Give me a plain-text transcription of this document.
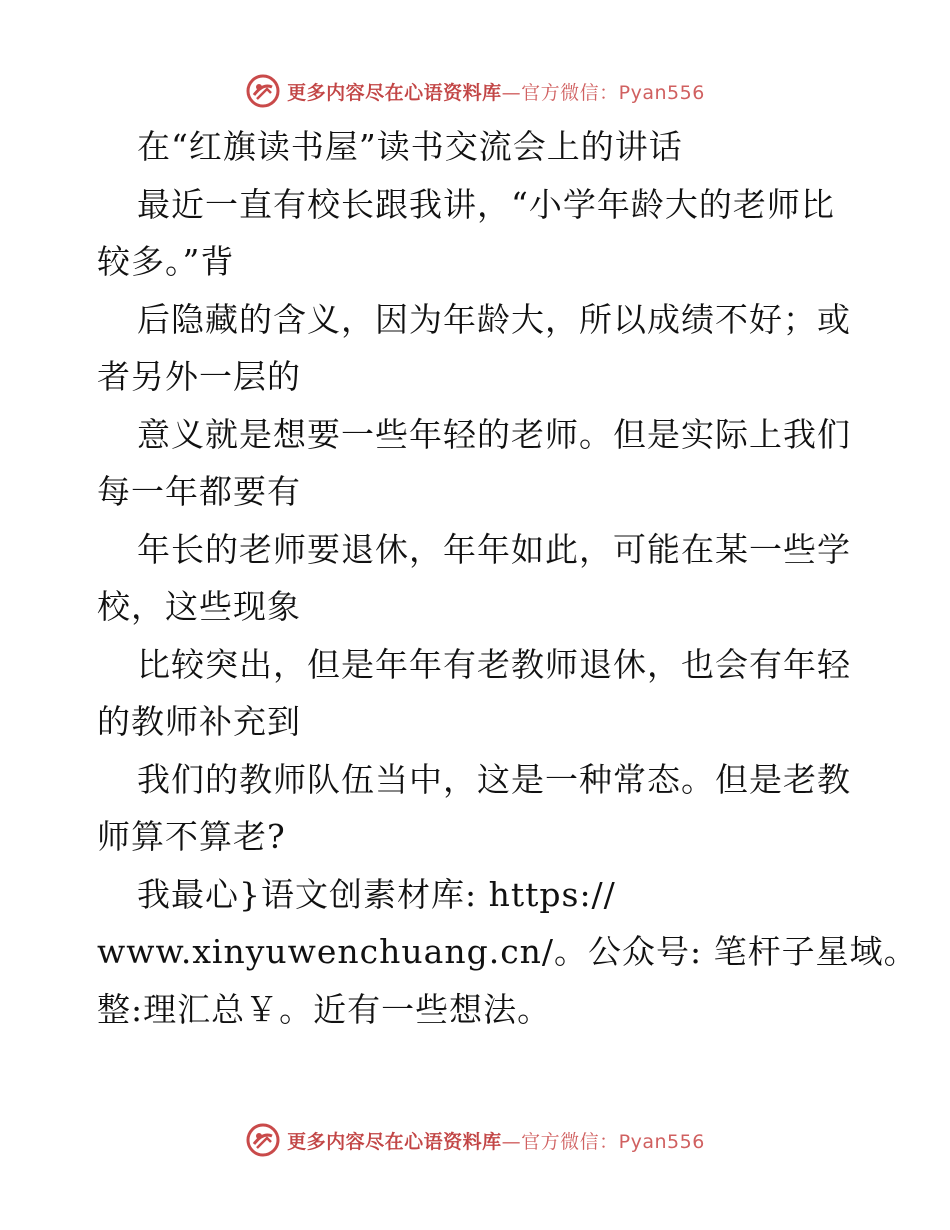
更多内容尽在心语资料库—官方微信：Pyan556
在“红旗读书屋”读书交流会上的讲话
最近一直有校长跟我讲，“小学年龄大的老师比
较多。”背
后隐藏的含义，因为年龄大，所以成绩不好；或
者另外一层的
意义就是想要一些年轻的老师。但是实际上我们
每一年都要有
年长的老师要退休，年年如此，可能在某一些学
校，这些现象
比较突出，但是年年有老教师退休，也会有年轻
的教师补充到
我们的教师队伍当中，这是一种常态。但是老教
师算不算老?
我最心}语文创素材库: https://
www.xinyuwenchuang.cn/。公众号: 笔杆子星域。
整:理汇总￥。近有一些想法。
更多内容尽在心语资料库—官方微信：Pyan556
